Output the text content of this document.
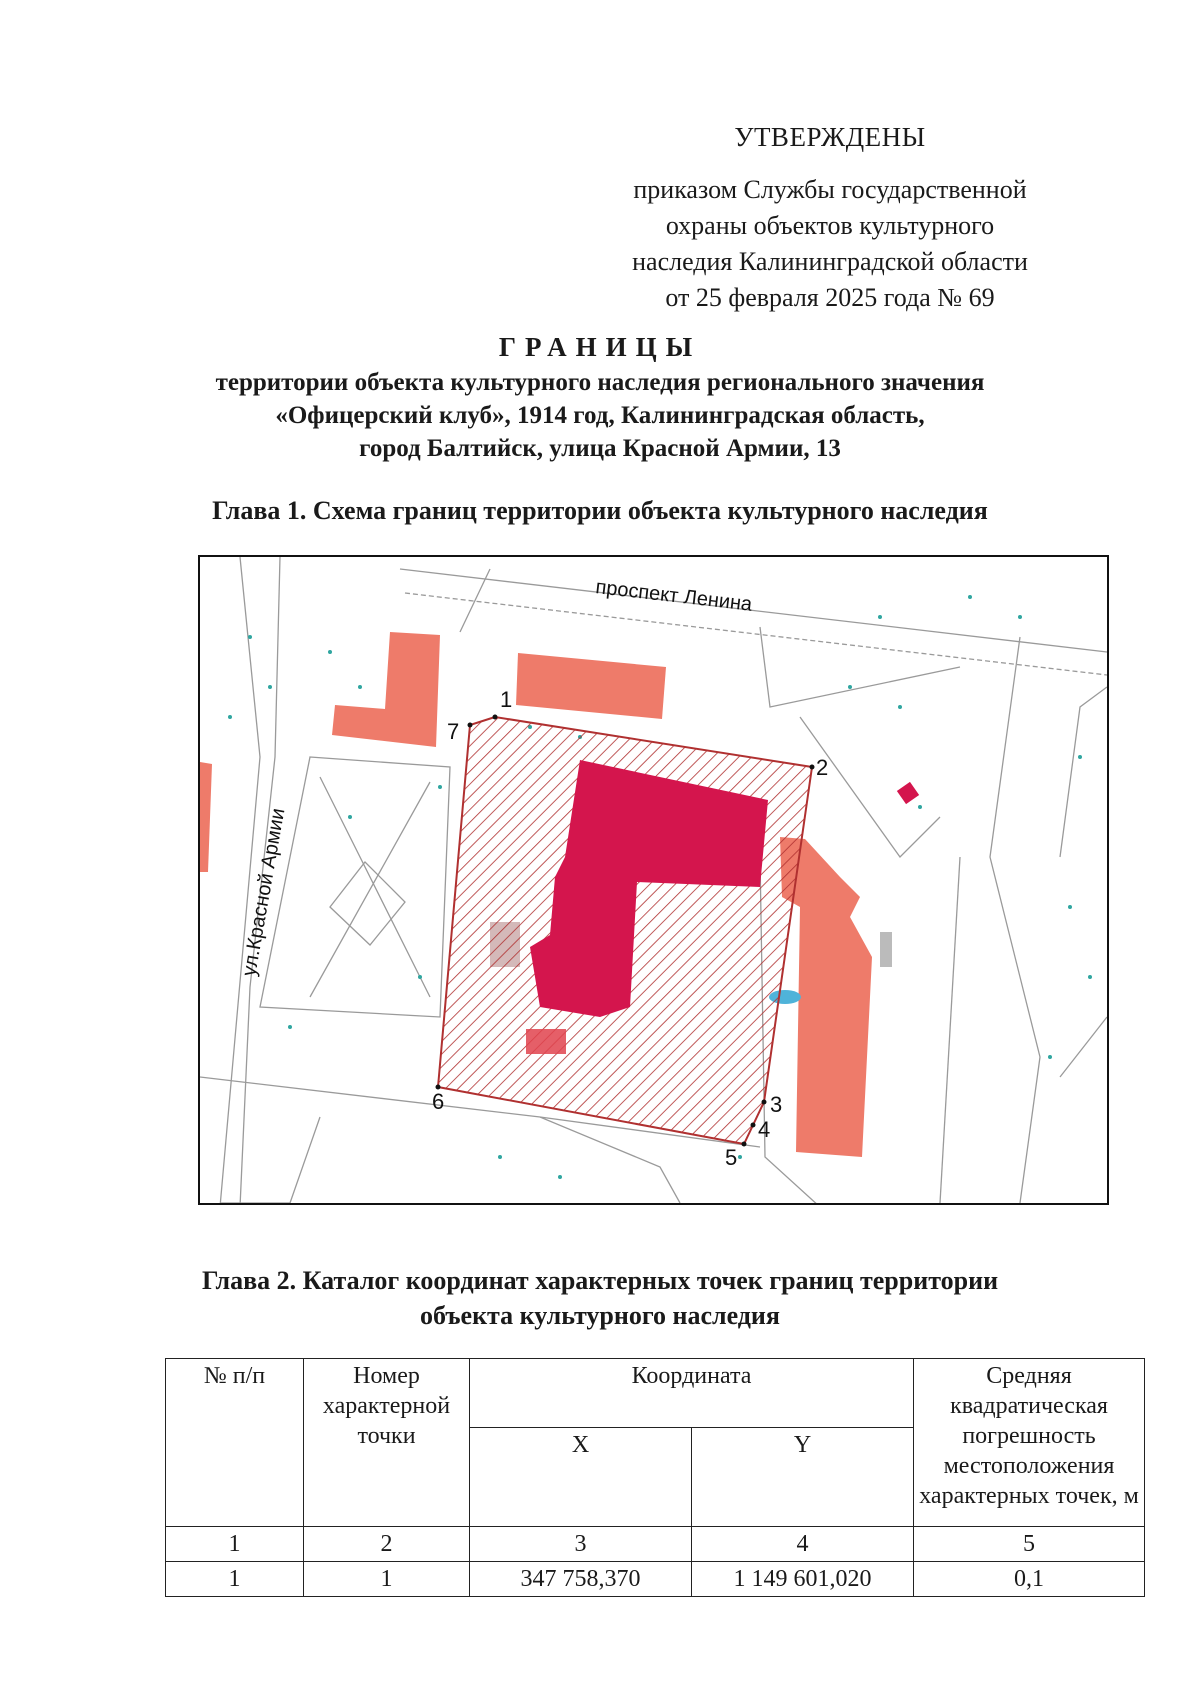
УТВЕРЖДЕНЫ
приказом Службы государственной
охраны объектов культурного
наследия Калининградской области
от 25 февраля 2025 года № 69
ГРАНИЦЫ
территории объекта культурного наследия регионального значения
«Офицерский клуб», 1914 год, Калининградская область,
город Балтийск, улица Красной Армии, 13
Глава 1. Схема границ территории объекта культурного наследия
1
2
3
4
5
6
7
проспект Ленина
ул.Красной Армии
Глава 2. Каталог координат характерных точек границ территории
объекта культурного наследия
№ п/п	Номер характерной точки	Координата		Средняя квадратическая погрешность местоположения характерных точек, м
		X	Y	
1	2	3	4	5
1	1	347 758,370	1 149 601,020	0,1
